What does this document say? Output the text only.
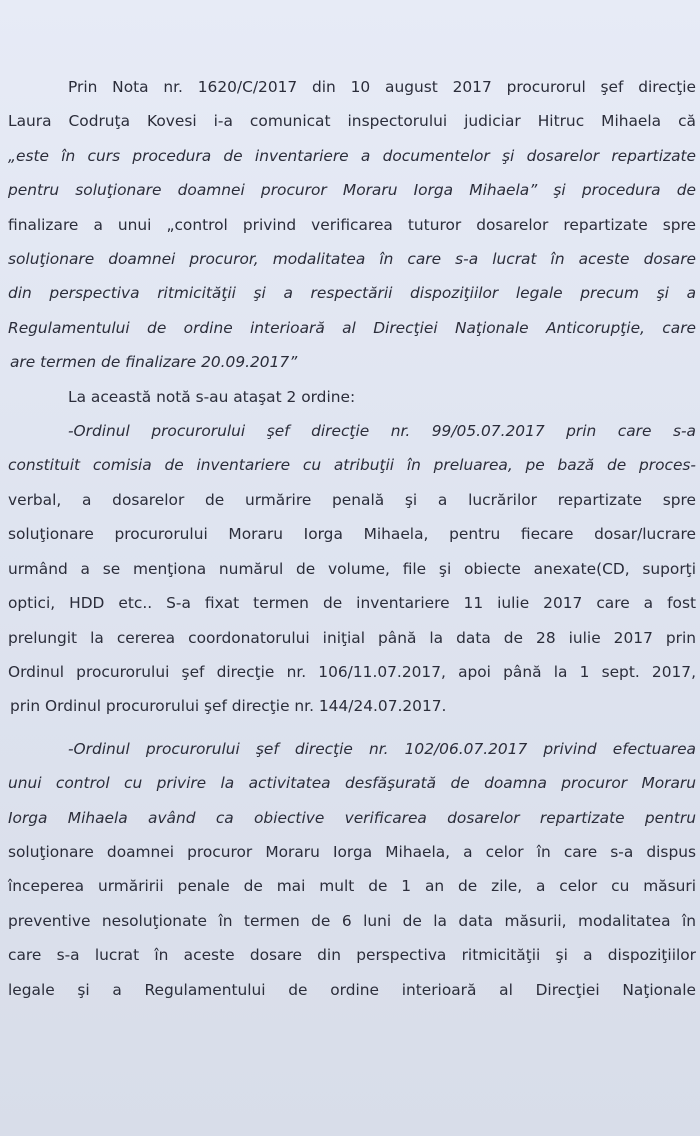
Prin Nota nr. 1620/C/2017 din 10 august 2017 procurorul şef direcţie
Laura Codruţa Kovesi i-a comunicat inspectorului judiciar Hitruc Mihaela că
„este în curs procedura de inventariere a documentelor şi dosarelor repartizate
pentru soluţionare doamnei procuror Moraru Iorga Mihaela” şi procedura de
finalizare a unui „control privind verificarea tuturor dosarelor repartizate spre
soluţionare doamnei procuror, modalitatea în care s-a lucrat în aceste dosare
din perspectiva ritmicităţii şi a respectării dispoziţiilor legale precum şi a
Regulamentului de ordine interioară al Direcţiei Naţionale Anticorupţie, care
are termen de finalizare 20.09.2017”
La această notă s-au ataşat 2 ordine:
-Ordinul procurorului şef direcţie nr. 99/05.07.2017 prin care s-a
constituit comisia de inventariere cu atribuţii în preluarea, pe bază de proces-
verbal, a dosarelor de urmărire penală şi a lucrărilor repartizate spre
soluţionare procurorului Moraru Iorga Mihaela, pentru fiecare dosar/lucrare
urmând a se menţiona numărul de volume, file şi obiecte anexate(CD, suporţi
optici, HDD etc.. S-a fixat termen de inventariere 11 iulie 2017 care a fost
prelungit la cererea coordonatorului iniţial până la data de 28 iulie 2017 prin
Ordinul procurorului şef direcţie nr. 106/11.07.2017, apoi până la 1 sept. 2017,
prin Ordinul procurorului şef direcţie nr. 144/24.07.2017.
-Ordinul procurorului şef direcţie nr. 102/06.07.2017 privind efectuarea
unui control cu privire la activitatea desfăşurată de doamna procuror Moraru
Iorga Mihaela având ca obiective verificarea dosarelor repartizate pentru
soluţionare doamnei procuror Moraru Iorga Mihaela, a celor în care s-a dispus
începerea urmăririi penale de mai mult de 1 an de zile, a celor cu măsuri
preventive nesoluţionate în termen de 6 luni de la data măsurii, modalitatea în
care s-a lucrat în aceste dosare din perspectiva ritmicităţii şi a dispoziţiilor
legale şi a Regulamentului de ordine interioară al Direcţiei Naţionale
